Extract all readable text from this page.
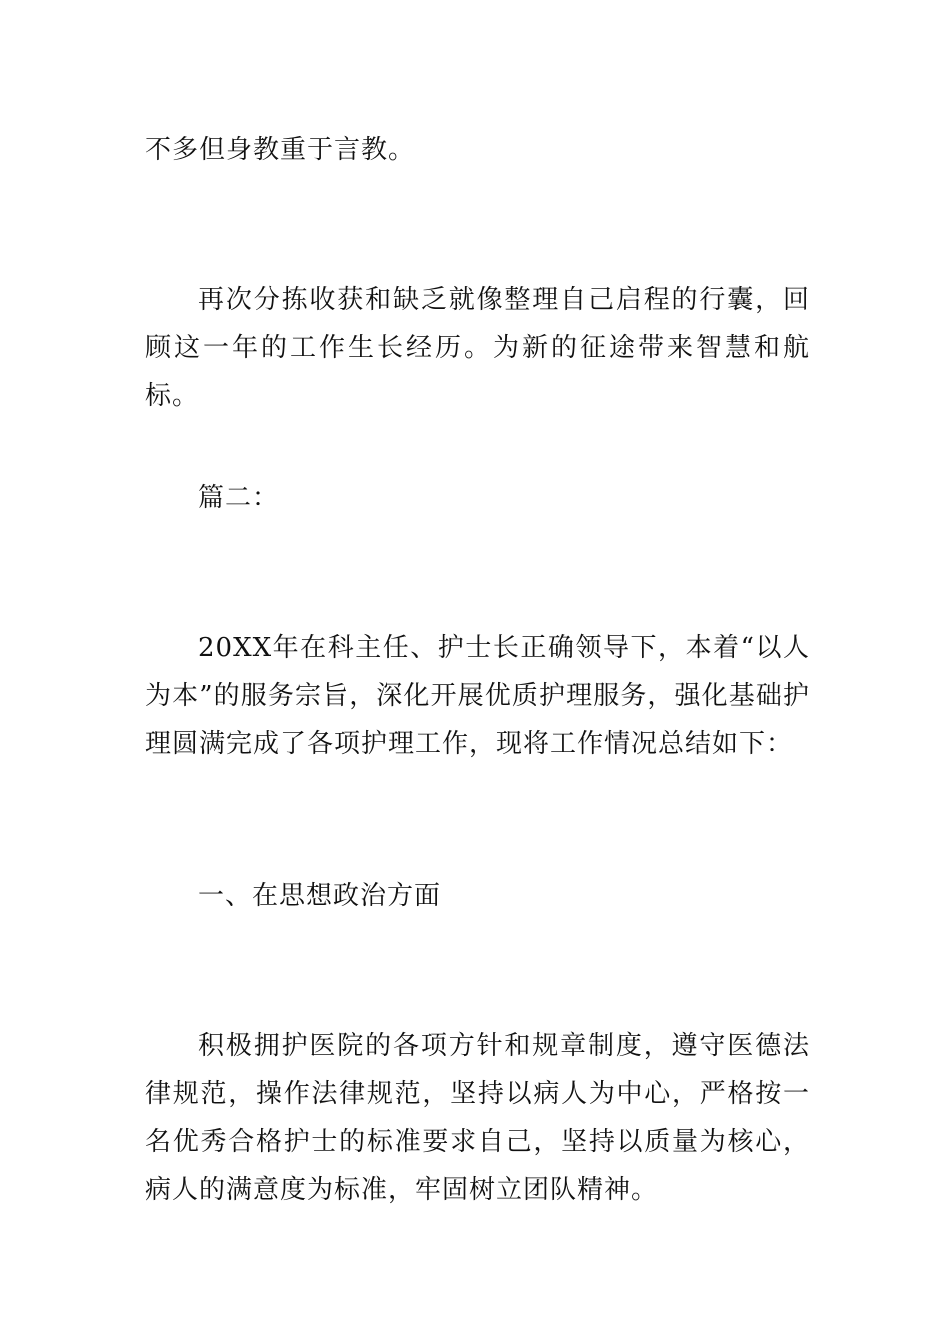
不多但身教重于言教。

再次分拣收获和缺乏就像整理自己启程的行囊，回顾这一年的工作生长经历。为新的征途带来智慧和航标。

篇二：

20XX年在科主任、护士长正确领导下，本着“以人为本”的服务宗旨，深化开展优质护理服务，强化基础护理圆满完成了各项护理工作，现将工作情况总结如下：

一、在思想政治方面

积极拥护医院的各项方针和规章制度，遵守医德法律规范，操作法律规范，坚持以病人为中心，严格按一名优秀合格护士的标准要求自己，坚持以质量为核心，病人的满意度为标准，牢固树立团队精神。
